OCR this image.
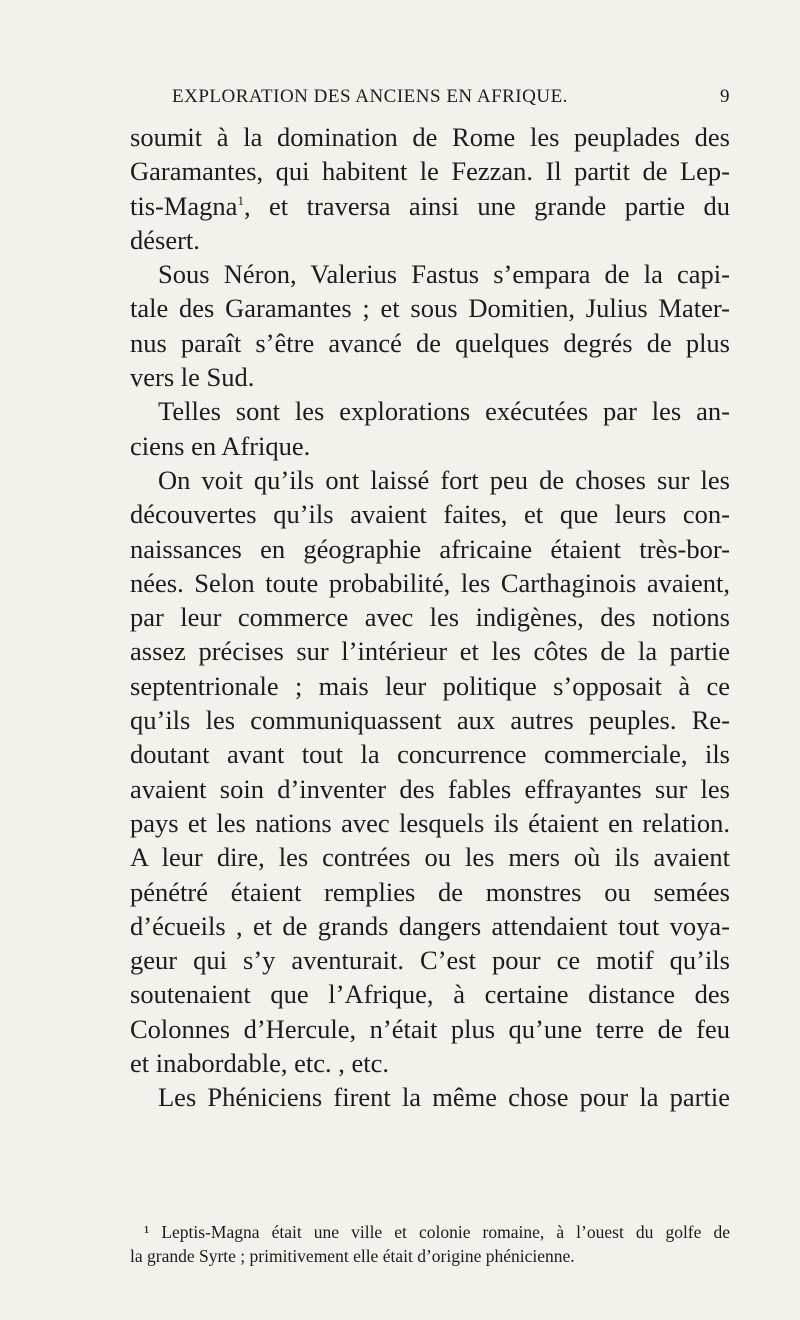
EXPLORATION DES ANCIENS EN AFRIQUE.	9
soumit à la domination de Rome les peuplades des
Garamantes, qui habitent le Fezzan. Il partit de Lep-
tis-Magna$^1$, et traversa ainsi une grande partie du
désert.
Sous Néron, Valerius Fastus s’empara de la capi-
tale des Garamantes ; et sous Domitien, Julius Mater-
nus paraît s’être avancé de quelques degrés de plus
vers le Sud.
Telles sont les explorations exécutées par les an-
ciens en Afrique.
On voit qu’ils ont laissé fort peu de choses sur les
découvertes qu’ils avaient faites, et que leurs con-
naissances en géographie africaine étaient très-bor-
nées. Selon toute probabilité, les Carthaginois avaient,
par leur commerce avec les indigènes, des notions
assez précises sur l’intérieur et les côtes de la partie
septentrionale ; mais leur politique s’opposait à ce
qu’ils les communiquassent aux autres peuples. Re-
doutant avant tout la concurrence commerciale, ils
avaient soin d’inventer des fables effrayantes sur les
pays et les nations avec lesquels ils étaient en relation.
A leur dire, les contrées ou les mers où ils avaient
pénétré étaient remplies de monstres ou semées
d’écueils , et de grands dangers attendaient tout voya-
geur qui s’y aventurait. C’est pour ce motif qu’ils
soutenaient que l’Afrique, à certaine distance des
Colonnes d’Hercule, n’était plus qu’une terre de feu
et inabordable, etc. , etc.
Les Phéniciens firent la même chose pour la partie
¹ Leptis-Magna était une ville et colonie romaine, à l’ouest du golfe de
la grande Syrte ; primitivement elle était d’origine phénicienne.
